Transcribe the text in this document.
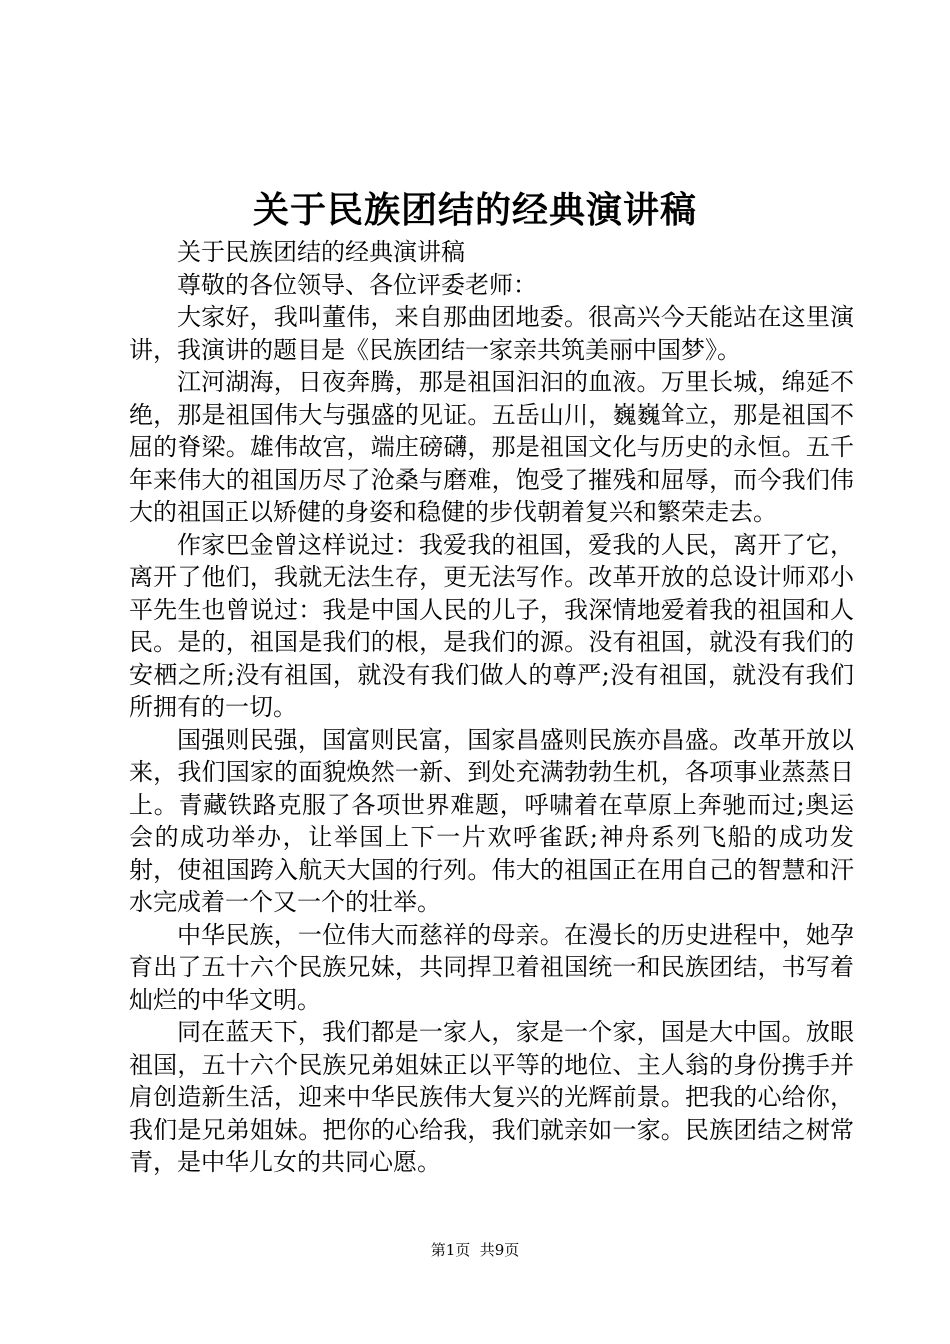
关于民族团结的经典演讲稿

关于民族团结的经典演讲稿

尊敬的各位领导、各位评委老师：

大家好，我叫董伟，来自那曲团地委。很高兴今天能站在这里演讲，我演讲的题目是《民族团结一家亲共筑美丽中国梦》。

江河湖海，日夜奔腾，那是祖国汩汩的血液。万里长城，绵延不绝，那是祖国伟大与强盛的见证。五岳山川，巍巍耸立，那是祖国不屈的脊梁。雄伟故宫，端庄磅礴，那是祖国文化与历史的永恒。五千年来伟大的祖国历尽了沧桑与磨难，饱受了摧残和屈辱，而今我们伟大的祖国正以矫健的身姿和稳健的步伐朝着复兴和繁荣走去。

作家巴金曾这样说过：我爱我的祖国，爱我的人民，离开了它，离开了他们，我就无法生存，更无法写作。改革开放的总设计师邓小平先生也曾说过：我是中国人民的儿子，我深情地爱着我的祖国和人民。是的，祖国是我们的根，是我们的源。没有祖国，就没有我们的安栖之所;没有祖国，就没有我们做人的尊严;没有祖国，就没有我们所拥有的一切。

国强则民强，国富则民富，国家昌盛则民族亦昌盛。改革开放以来，我们国家的面貌焕然一新、到处充满勃勃生机，各项事业蒸蒸日上。青藏铁路克服了各项世界难题，呼啸着在草原上奔驰而过;奥运会的成功举办，让举国上下一片欢呼雀跃;神舟系列飞船的成功发射，使祖国跨入航天大国的行列。伟大的祖国正在用自己的智慧和汗水完成着一个又一个的壮举。

中华民族，一位伟大而慈祥的母亲。在漫长的历史进程中，她孕育出了五十六个民族兄妹，共同捍卫着祖国统一和民族团结，书写着灿烂的中华文明。

同在蓝天下，我们都是一家人，家是一个家，国是大中国。放眼祖国，五十六个民族兄弟姐妹正以平等的地位、主人翁的身份携手并肩创造新生活，迎来中华民族伟大复兴的光辉前景。把我的心给你，我们是兄弟姐妹。把你的心给我，我们就亲如一家。民族团结之树常青，是中华儿女的共同心愿。

第1页  共9页
